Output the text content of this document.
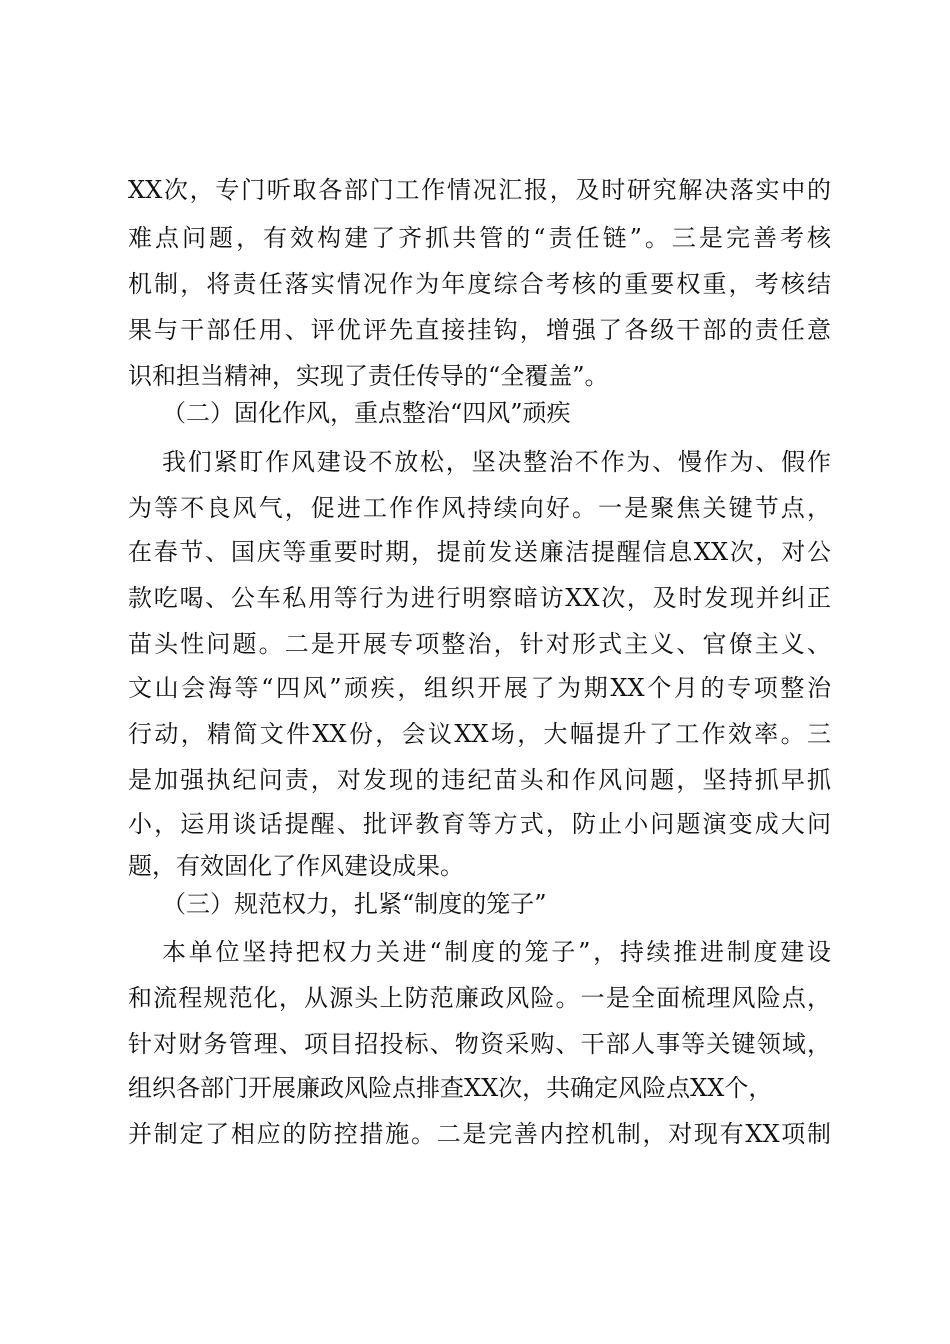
XX次，专门听取各部门工作情况汇报，及时研究解决落实中的
难点问题，有效构建了齐抓共管的“责任链”。三是完善考核
机制，将责任落实情况作为年度综合考核的重要权重，考核结
果与干部任用、评优评先直接挂钩，增强了各级干部的责任意
识和担当精神，实现了责任传导的“全覆盖”。
（二）固化作风，重点整治“四风”顽疾
我们紧盯作风建设不放松，坚决整治不作为、慢作为、假作
为等不良风气，促进工作作风持续向好。一是聚焦关键节点，
在春节、国庆等重要时期，提前发送廉洁提醒信息XX次，对公
款吃喝、公车私用等行为进行明察暗访XX次，及时发现并纠正
苗头性问题。二是开展专项整治，针对形式主义、官僚主义、
文山会海等“四风”顽疾，组织开展了为期XX个月的专项整治
行动，精简文件XX份，会议XX场，大幅提升了工作效率。三
是加强执纪问责，对发现的违纪苗头和作风问题，坚持抓早抓
小，运用谈话提醒、批评教育等方式，防止小问题演变成大问
题，有效固化了作风建设成果。
（三）规范权力，扎紧“制度的笼子”
本单位坚持把权力关进“制度的笼子”，持续推进制度建设
和流程规范化，从源头上防范廉政风险。一是全面梳理风险点，
针对财务管理、项目招投标、物资采购、干部人事等关键领域，
组织各部门开展廉政风险点排查XX次，共确定风险点XX个，
并制定了相应的防控措施。二是完善内控机制，对现有XX项制
